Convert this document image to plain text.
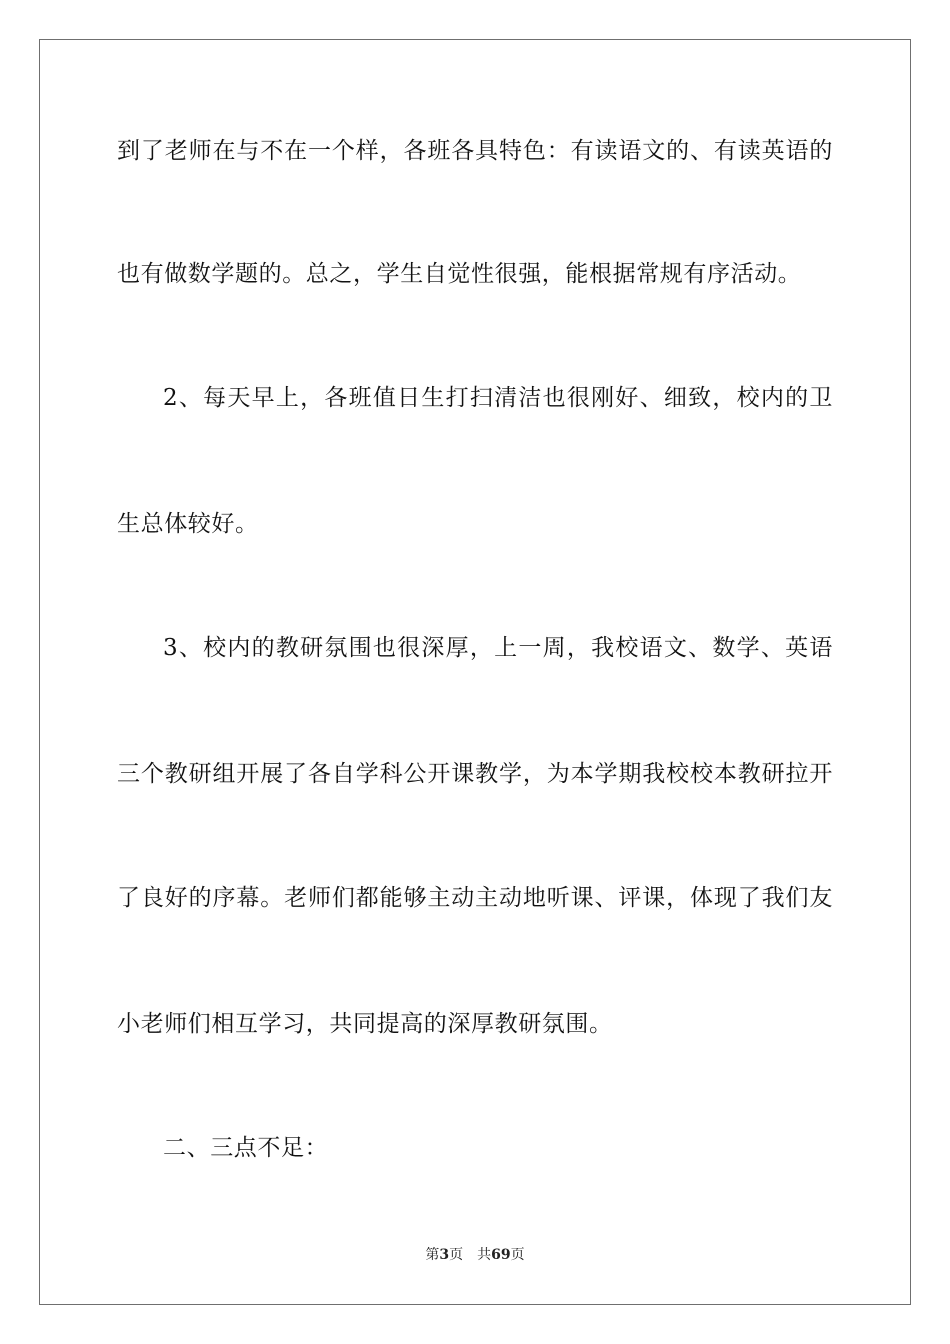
到了老师在与不在一个样，各班各具特色：有读语文的、有读英语的
也有做数学题的。总之，学生自觉性很强，能根据常规有序活动。
2、每天早上，各班值日生打扫清洁也很刚好、细致，校内的卫
生总体较好。
3、校内的教研氛围也很深厚，上一周，我校语文、数学、英语
三个教研组开展了各自学科公开课教学，为本学期我校校本教研拉开
了良好的序幕。老师们都能够主动主动地听课、评课，体现了我们友
小老师们相互学习，共同提高的深厚教研氛围。
二、三点不足：
第3页 共69页
